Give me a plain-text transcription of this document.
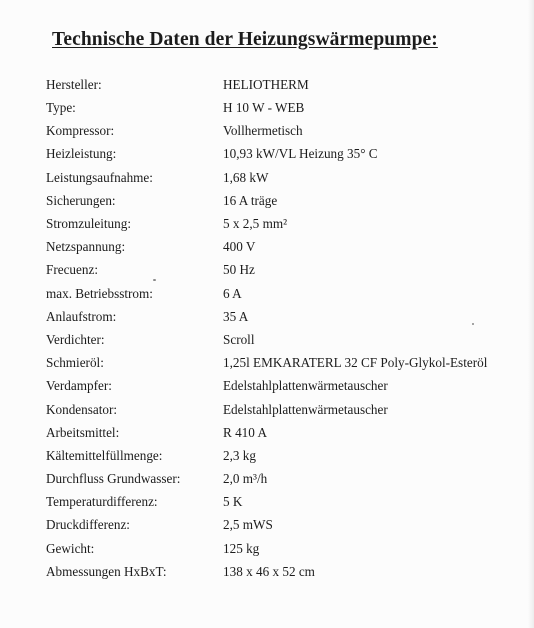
Technische Daten der Heizungswärmepumpe:
Hersteller:	HELIOTHERM
Type:	H 10 W - WEB
Kompressor:	Vollhermetisch
Heizleistung:	10,93 kW/VL Heizung 35° C
Leistungsaufnahme:	1,68 kW
Sicherungen:	16 A träge
Stromzuleitung:	5 x 2,5 mm²
Netzspannung:	400 V
Frecuenz:	50 Hz
max. Betriebsstrom:	6 A
Anlaufstrom:	35 A
Verdichter:	Scroll
Schmieröl:	1,25l EMKARATERL 32 CF Poly-Glykol-Esteröl
Verdampfer:	Edelstahlplattenwärmetauscher
Kondensator:	Edelstahlplattenwärmetauscher
Arbeitsmittel:	R 410 A
Kältemittelfüllmenge:	2,3 kg
Durchfluss Grundwasser:	2,0 m³/h
Temperaturdifferenz:	5 K
Druckdifferenz:	2,5 mWS
Gewicht:	125 kg
Abmessungen HxBxT:	138 x 46 x 52 cm
